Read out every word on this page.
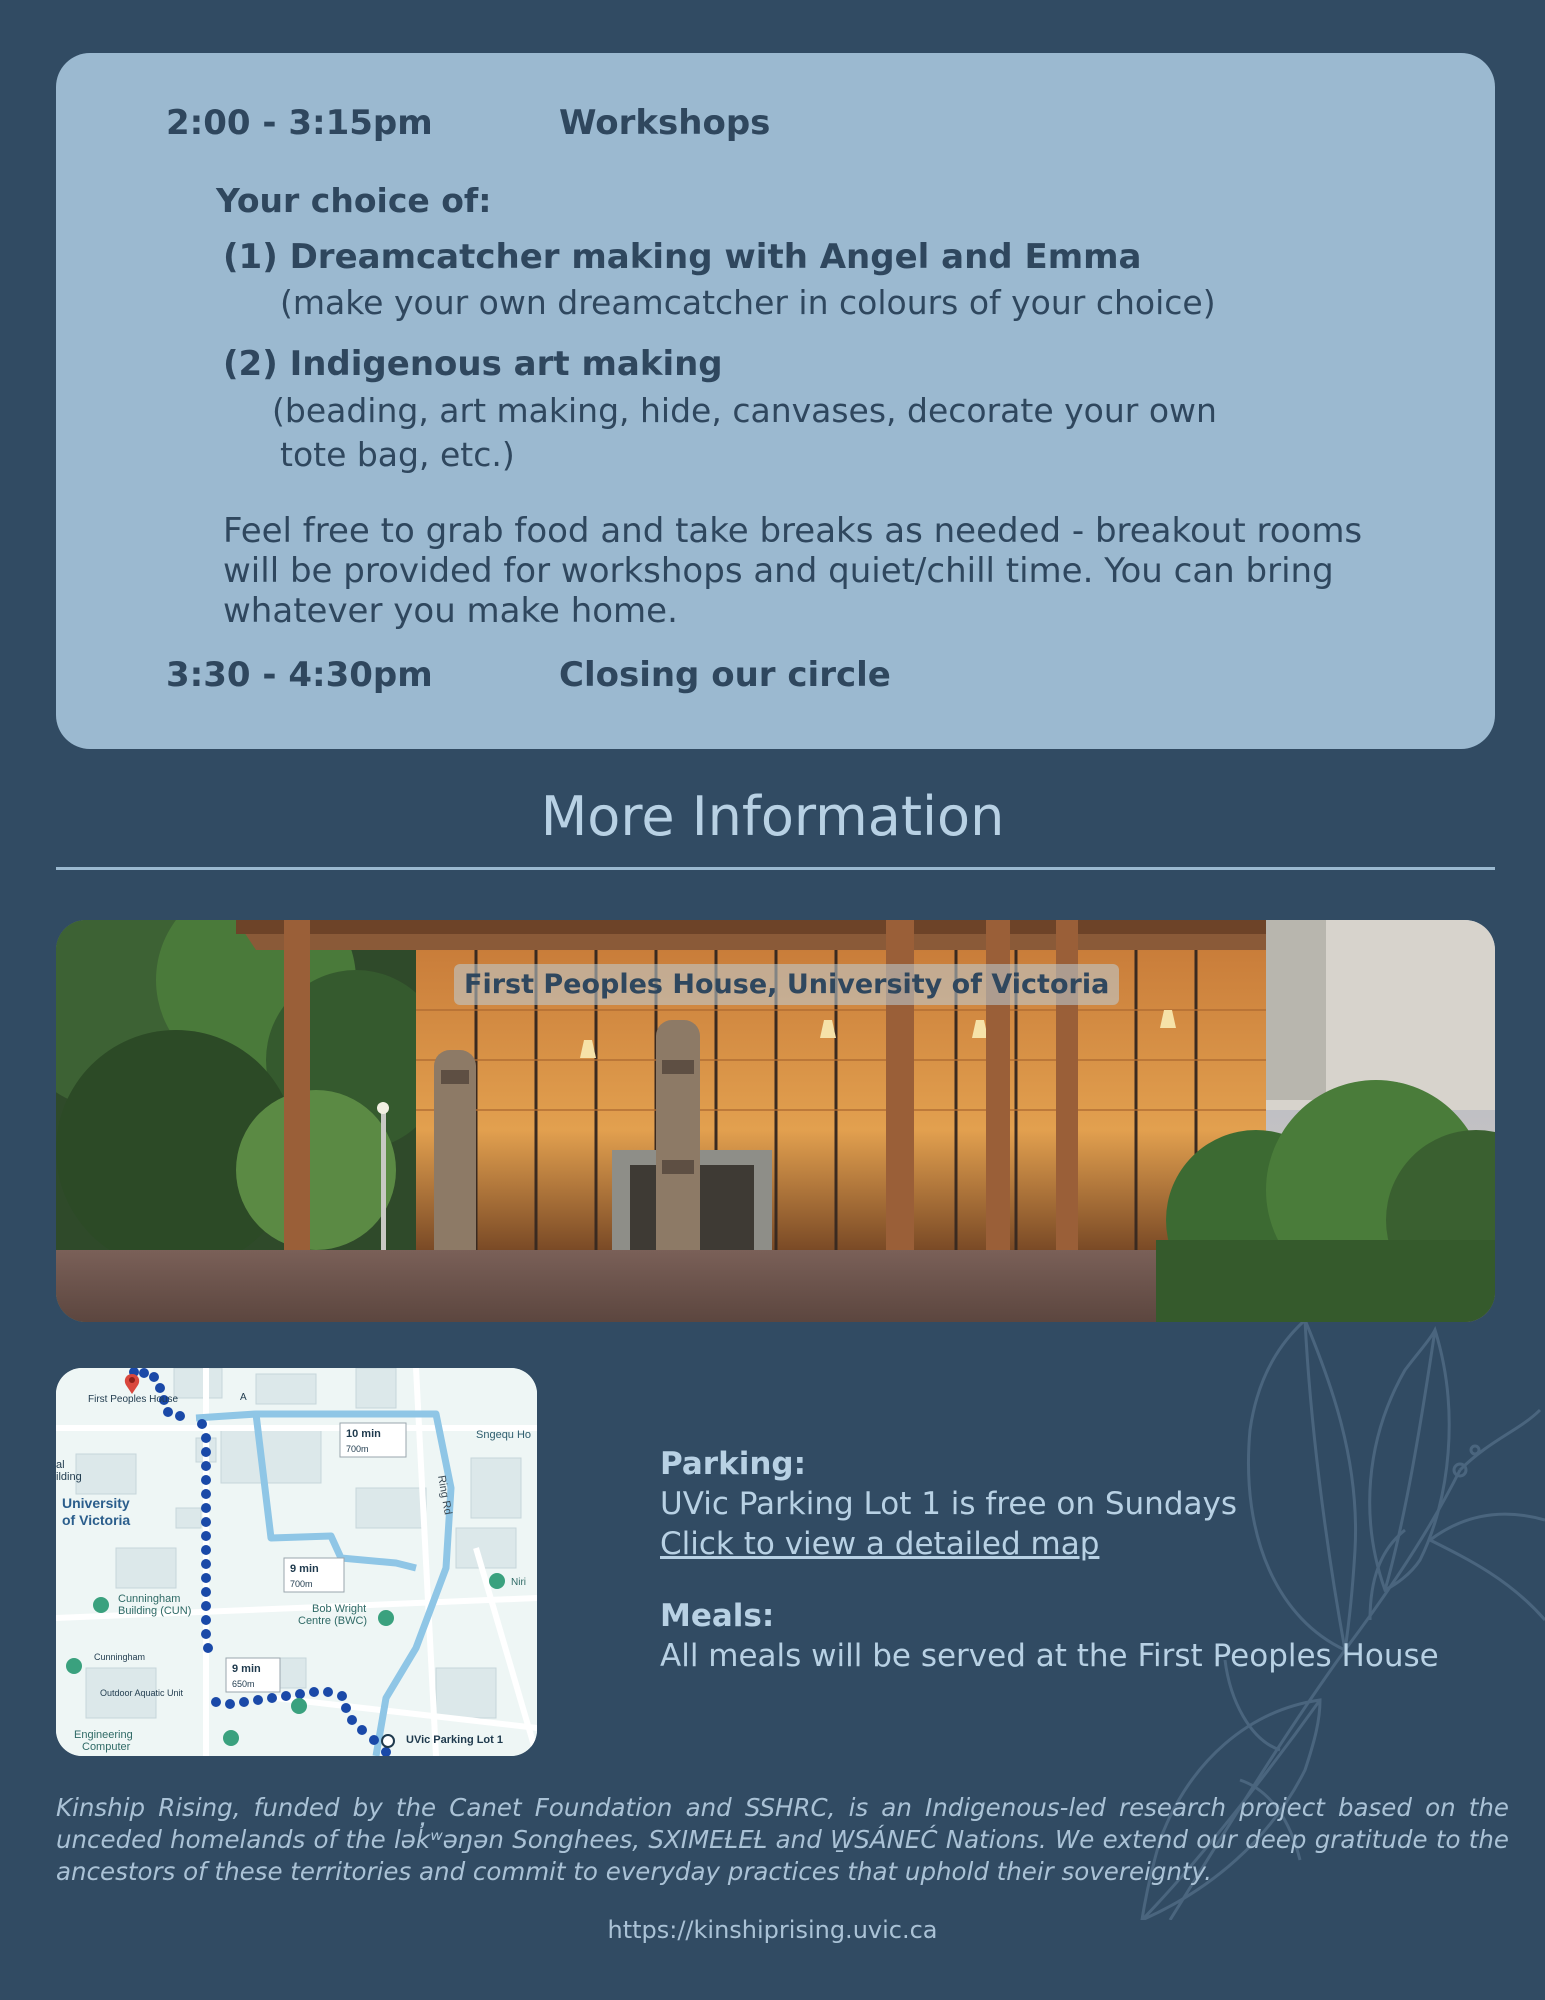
2:00 - 3:15pm	Workshops
Your choice of:
(1) Dreamcatcher making with Angel and Emma
(make your own dreamcatcher in colours of your choice)
(2) Indigenous art making
(beading, art making, hide, canvases, decorate your own
tote bag, etc.)
Feel free to grab food and take breaks as needed - breakout rooms will be provided for workshops and quiet/chill time. You can bring whatever you make home.
3:30 - 4:30pm	Closing our circle
More Information
First Peoples House, University of Victoria
First Peoples House	A
al
ilding
Sngequ Ho
Ring Rd
University
of Victoria
Cunningham
Building (CUN)
Cunningham
Bob Wright
Centre (BWC)
Outdoor Aquatic Unit
Engineering
Computer
Niri
UVic Parking Lot 1
10 min
700m
9 min
700m
9 min
650m
Parking:
UVic Parking Lot 1 is free on Sundays
Click to view a detailed map
Meals:
All meals will be served at the First Peoples House
Kinship Rising, funded by the Canet Foundation and SSHRC, is an Indigenous-led research project based on the unceded homelands of the lək̓ʷəŋən Songhees, SXIMEȽEȽ and W̱SÁNEĆ Nations. We extend our deep gratitude to the ancestors of these territories and commit to everyday practices that uphold their sovereignty.
https://kinshiprising.uvic.ca
